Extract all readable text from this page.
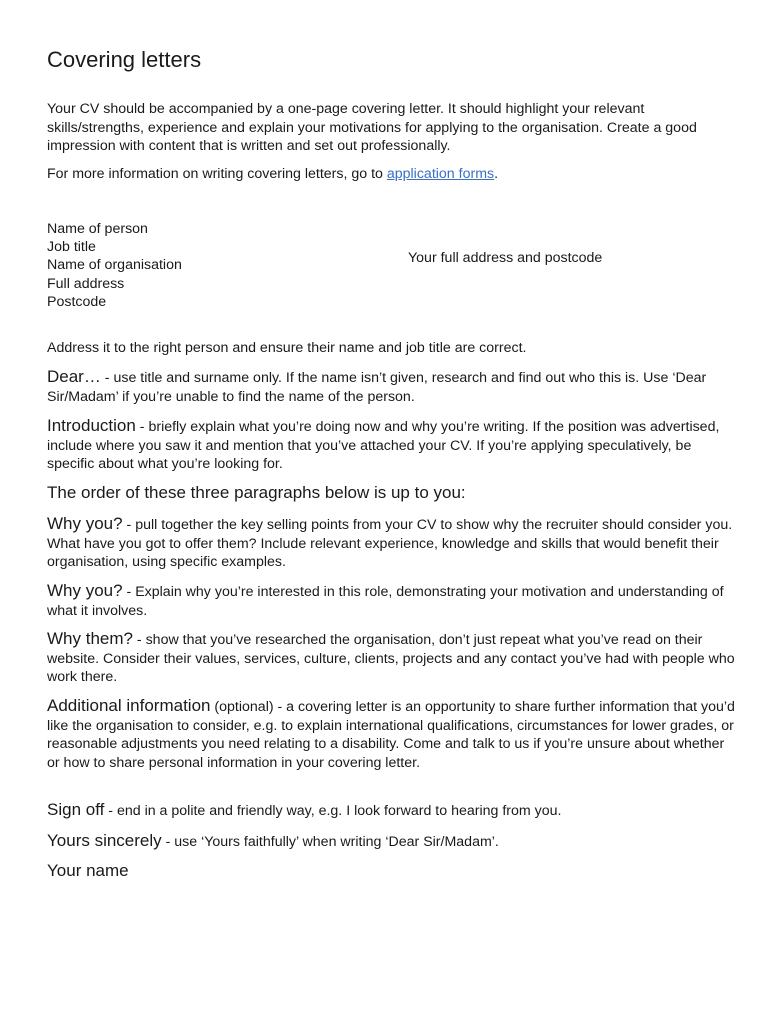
Covering letters

Your CV should be accompanied by a one-page covering letter. It should highlight your relevant skills/strengths, experience and explain your motivations for applying to the organisation. Create a good impression with content that is written and set out professionally.

For more information on writing covering letters, go to application forms.

Name of person
Job title
Name of organisation
Full address
Postcode
Your full address and postcode

Address it to the right person and ensure their name and job title are correct.

Dear… - use title and surname only. If the name isn’t given, research and find out who this is. Use ‘Dear Sir/Madam’ if you’re unable to find the name of the person.

Introduction - briefly explain what you’re doing now and why you’re writing. If the position was advertised, include where you saw it and mention that you’ve attached your CV. If you’re applying speculatively, be specific about what you’re looking for.

The order of these three paragraphs below is up to you:

Why you? - pull together the key selling points from your CV to show why the recruiter should consider you. What have you got to offer them? Include relevant experience, knowledge and skills that would benefit their organisation, using specific examples.

Why you? - Explain why you’re interested in this role, demonstrating your motivation and understanding of what it involves.

Why them? - show that you’ve researched the organisation, don’t just repeat what you’ve read on their website. Consider their values, services, culture, clients, projects and any contact you’ve had with people who work there.

Additional information (optional) - a covering letter is an opportunity to share further information that you’d like the organisation to consider, e.g. to explain international qualifications, circumstances for lower grades, or reasonable adjustments you need relating to a disability. Come and talk to us if you’re unsure about whether or how to share personal information in your covering letter.

Sign off - end in a polite and friendly way, e.g. I look forward to hearing from you.

Yours sincerely - use ‘Yours faithfully’ when writing ‘Dear Sir/Madam’.

Your name
